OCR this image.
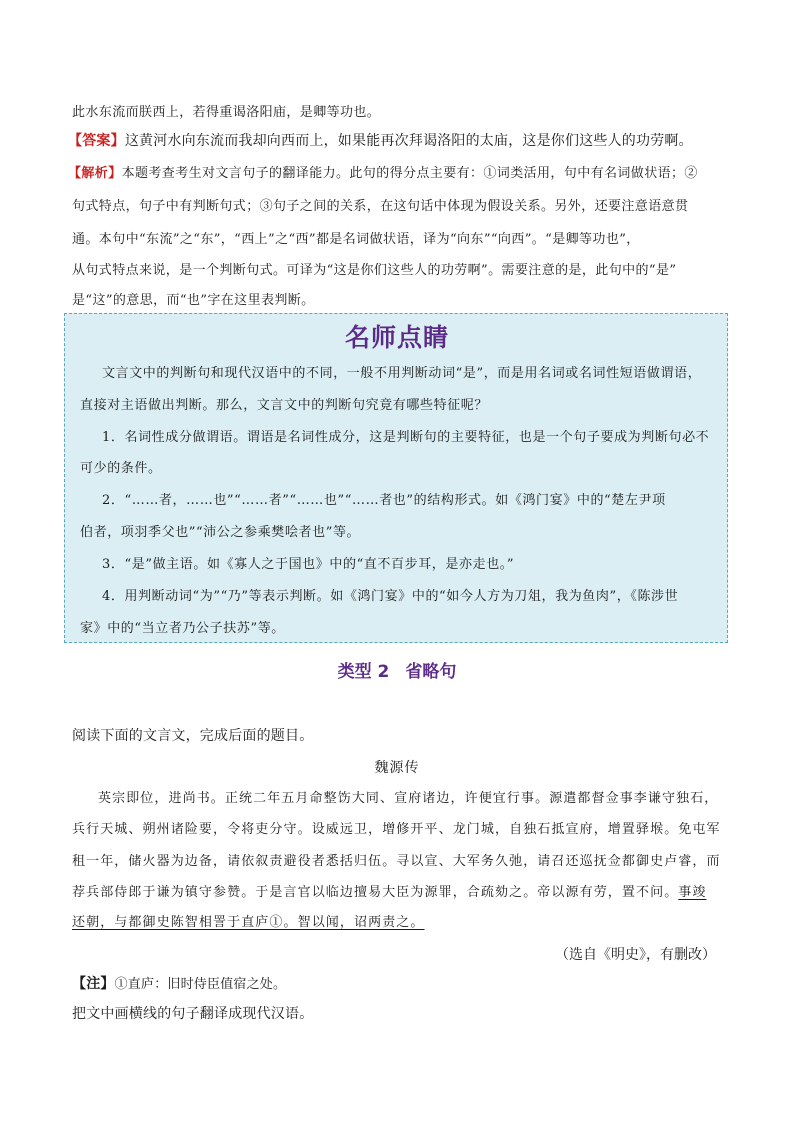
此水东流而朕西上，若得重谒洛阳庙，是卿等功也。
【答案】这黄河水向东流而我却向西而上，如果能再次拜谒洛阳的太庙，这是你们这些人的功劳啊。
【解析】本题考查考生对文言句子的翻译能力。此句的得分点主要有：①词类活用，句中有名词做状语；②
句式特点，句子中有判断句式；③句子之间的关系，在这句话中体现为假设关系。另外，还要注意语意贯
通。本句中“东流”之“东”，“西上”之“西”都是名词做状语，译为“向东”“向西”。“是卿等功也”，
从句式特点来说，是一个判断句式。可译为“这是你们这些人的功劳啊”。需要注意的是，此句中的“是”
是“这”的意思，而“也”字在这里表判断。
名师点睛
文言文中的判断句和现代汉语中的不同，一般不用判断动词“是”，而是用名词或名词性短语做谓语，
直接对主语做出判断。那么，文言文中的判断句究竟有哪些特征呢？
1．名词性成分做谓语。谓语是名词性成分，这是判断句的主要特征，也是一个句子要成为判断句必不
可少的条件。
2．“……者，……也”“……者”“……也”“……者也”的结构形式。如《鸿门宴》中的“楚左尹项
伯者，项羽季父也”“沛公之参乘樊哙者也”等。
3．“是”做主语。如《寡人之于国也》中的“直不百步耳，是亦走也。”
4．用判断动词“为”“乃”等表示判断。如《鸿门宴》中的“如今人方为刀俎，我为鱼肉”，《陈涉世
家》中的“当立者乃公子扶苏”等。
类型 2 省略句
阅读下面的文言文，完成后面的题目。
魏源传
英宗即位，进尚书。正统二年五月命整饬大同、宣府诸边，许便宜行事。源遣都督佥事李谦守独石，
兵行天城、朔州诸险要，令将吏分守。设威远卫，增修开平、龙门城，自独石抵宣府，增置驿堠。免屯军
租一年，储火器为边备，请依叙责避役者悉括归伍。寻以宣、大军务久弛，请召还巡抚佥都御史卢睿，而
荐兵部侍郎于谦为镇守参赞。于是言官以临边擅易大臣为源罪，合疏劾之。帝以源有劳，置不问。事竣
还朝，与都御史陈智相詈于直庐①。智以闻，诏两责之。
（选自《明史》，有删改）
【注】①直庐：旧时侍臣值宿之处。
把文中画横线的句子翻译成现代汉语。
